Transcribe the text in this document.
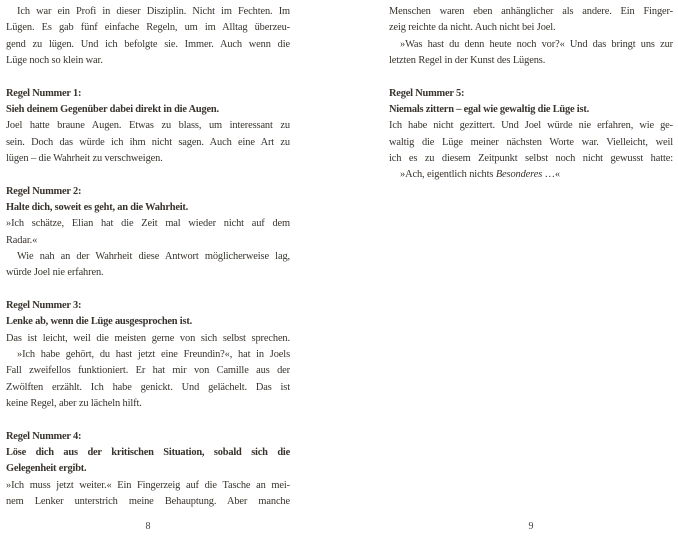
Ich war ein Profi in dieser Disziplin. Nicht im Fechten. Im
Lügen. Es gab fünf einfache Regeln, um im Alltag überzeu-
gend zu lügen. Und ich befolgte sie. Immer. Auch wenn die
Lüge noch so klein war.
Regel Nummer 1:
Sieh deinem Gegenüber dabei direkt in die Augen.
Joel hatte braune Augen. Etwas zu blass, um interessant zu
sein. Doch das würde ich ihm nicht sagen. Auch eine Art zu
lügen – die Wahrheit zu verschweigen.
Regel Nummer 2:
Halte dich, soweit es geht, an die Wahrheit.
»Ich schätze, Elian hat die Zeit mal wieder nicht auf dem
Radar.«
Wie nah an der Wahrheit diese Antwort möglicherweise lag,
würde Joel nie erfahren.
Regel Nummer 3:
Lenke ab, wenn die Lüge ausgesprochen ist.
Das ist leicht, weil die meisten gerne von sich selbst sprechen.
»Ich habe gehört, du hast jetzt eine Freundin?«, hat in Joels
Fall zweifellos funktioniert. Er hat mir von Camille aus der
Zwölften erzählt. Ich habe genickt. Und gelächelt. Das ist
keine Regel, aber zu lächeln hilft.
Regel Nummer 4:
Löse dich aus der kritischen Situation, sobald sich die
Gelegenheit ergibt.
»Ich muss jetzt weiter.« Ein Fingerzeig auf die Tasche an mei-
nem Lenker unterstrich meine Behauptung. Aber manche
8
Menschen waren eben anhänglicher als andere. Ein Finger-
zeig reichte da nicht. Auch nicht bei Joel.
»Was hast du denn heute noch vor?« Und das bringt uns zur
letzten Regel in der Kunst des Lügens.
Regel Nummer 5:
Niemals zittern – egal wie gewaltig die Lüge ist.
Ich habe nicht gezittert. Und Joel würde nie erfahren, wie ge-
waltig die Lüge meiner nächsten Worte war. Vielleicht, weil
ich es zu diesem Zeitpunkt selbst noch nicht gewusst hatte:
»Ach, eigentlich nichts Besonderes …«
9
